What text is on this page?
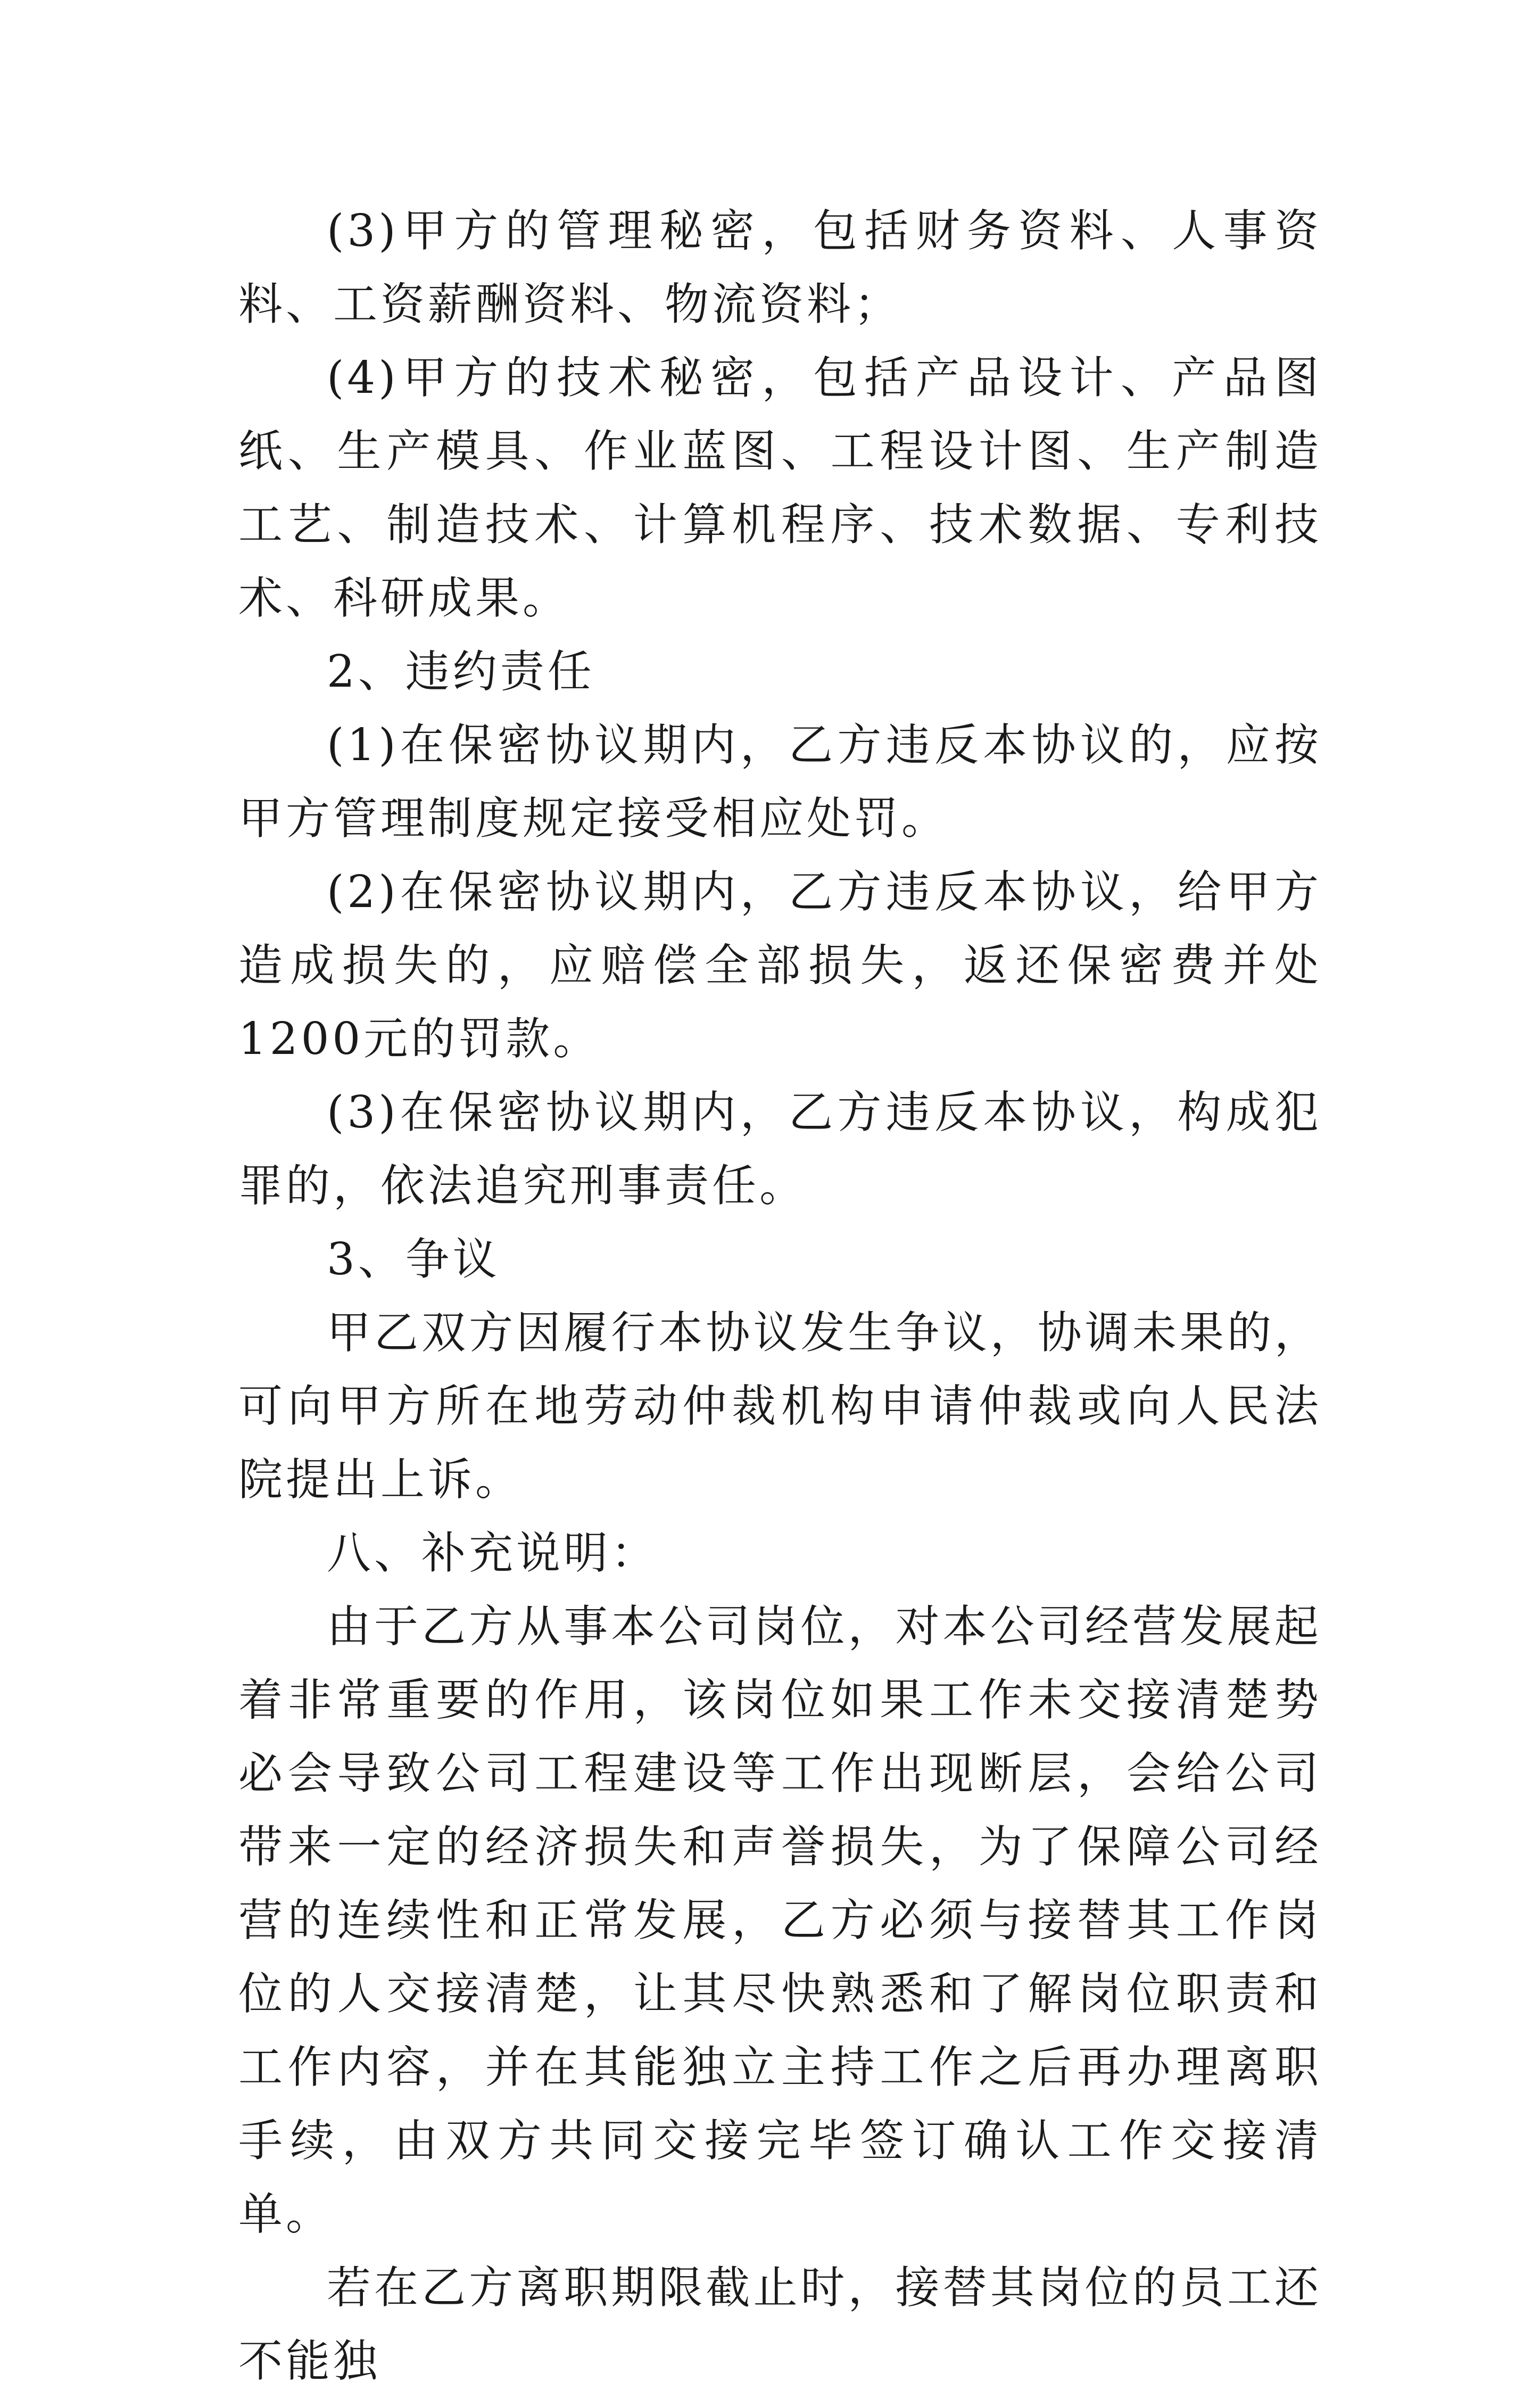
(3)甲方的管理秘密，包括财务资料、人事资料、工资薪酬资料、物流资料；

(4)甲方的技术秘密，包括产品设计、产品图纸、生产模具、作业蓝图、工程设计图、生产制造工艺、制造技术、计算机程序、技术数据、专利技术、科研成果。

2、违约责任

(1)在保密协议期内，乙方违反本协议的，应按甲方管理制度规定接受相应处罚。

(2)在保密协议期内，乙方违反本协议，给甲方造成损失的，应赔偿全部损失，返还保密费并处1200元的罚款。

(3)在保密协议期内，乙方违反本协议，构成犯罪的，依法追究刑事责任。

3、争议

甲乙双方因履行本协议发生争议，协调未果的，可向甲方所在地劳动仲裁机构申请仲裁或向人民法院提出上诉。

八、补充说明：

由于乙方从事本公司岗位，对本公司经营发展起着非常重要的作用，该岗位如果工作未交接清楚势必会导致公司工程建设等工作出现断层，会给公司带来一定的经济损失和声誉损失，为了保障公司经营的连续性和正常发展，乙方必须与接替其工作岗位的人交接清楚，让其尽快熟悉和了解岗位职责和工作内容，并在其能独立主持工作之后再办理离职手续，由双方共同交接完毕签订确认工作交接清单。

若在乙方离职期限截止时，接替其岗位的员工还不能独
